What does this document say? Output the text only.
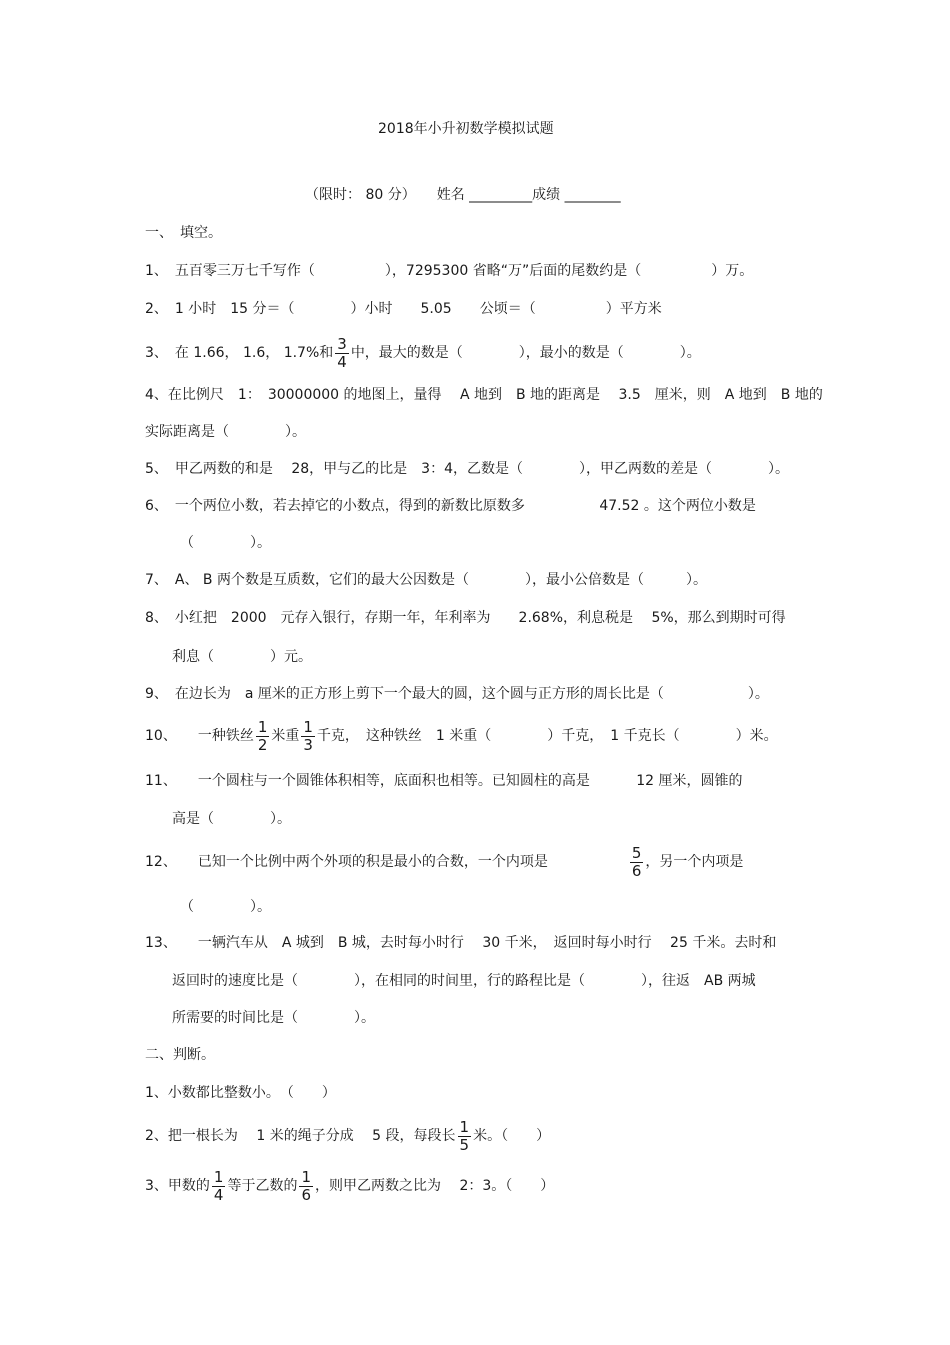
2018年小升初数学模拟试题
（限时： 80 分）　　姓名 _________成绩 ________
一、　填空。
1、　五百零三万七千写作（　　　　　），7295300 省略“万”后面的尾数约是（　　　　　）万。
2、　1 小时　15 分＝（　　　　）小时　　5.05　　公顷＝（　　　　　）平方米
3、　在 1.66， 1.6， 1.7%和 $\frac{3}{4}$ 中，最大的数是（　　　　），最小的数是（　　　　）。
4、在比例尺　1：　30000000 的地图上，量得　 A 地到　B 地的距离是　 3.5　厘米，则　A 地到　B 地的
实际距离是（　　　　）。
5、　甲乙两数的和是　 28，甲与乙的比是　3：4，乙数是（　　　　），甲乙两数的差是（　　　　）。
6、　一个两位小数，若去掉它的小数点，得到的新数比原数多　　　　　 47.52 。这个两位小数是
（　　　　）。
7、　A、 B 两个数是互质数，它们的最大公因数是（　　　　），最小公倍数是（　　　）。
8、　小红把　2000　元存入银行，存期一年，年利率为　　2.68%，利息税是　 5%，那么到期时可得
利息（　　　　）元。
9、　在边长为　a 厘米的正方形上剪下一个最大的圆，这个圆与正方形的周长比是（　　　　　　）。
10、　　一种铁丝 $\frac{1}{2}$ 米重 $\frac{1}{3}$ 千克，　这种铁丝　1 米重（　　　　）千克，　1 千克长（　　　　）米。
11、　　一个圆柱与一个圆锥体积相等，底面积也相等。已知圆柱的高是　　　 12 厘米，圆锥的
高是（　　　　）。
12、　　已知一个比例中两个外项的积是最小的合数，一个内项是	$\frac{5}{6}$ ，另一个内项是
（　　　　）。
13、　　一辆汽车从　A 城到　B 城，去时每小时行　 30 千米，　返回时每小时行　 25 千米。去时和
返回时的速度比是（　　　　），在相同的时间里，行的路程比是（　　　　），往返　AB 两城
所需要的时间比是（　　　　）。
二、判断。
1、小数都比整数小。　（　　）
2、把一根长为　 1 米的绳子分成　 5 段，每段长 $\frac{1}{5}$ 米。（　　）
3、甲数的 $\frac{1}{4}$ 等于乙数的 $\frac{1}{6}$ ，则甲乙两数之比为　 2：3。（　　）
